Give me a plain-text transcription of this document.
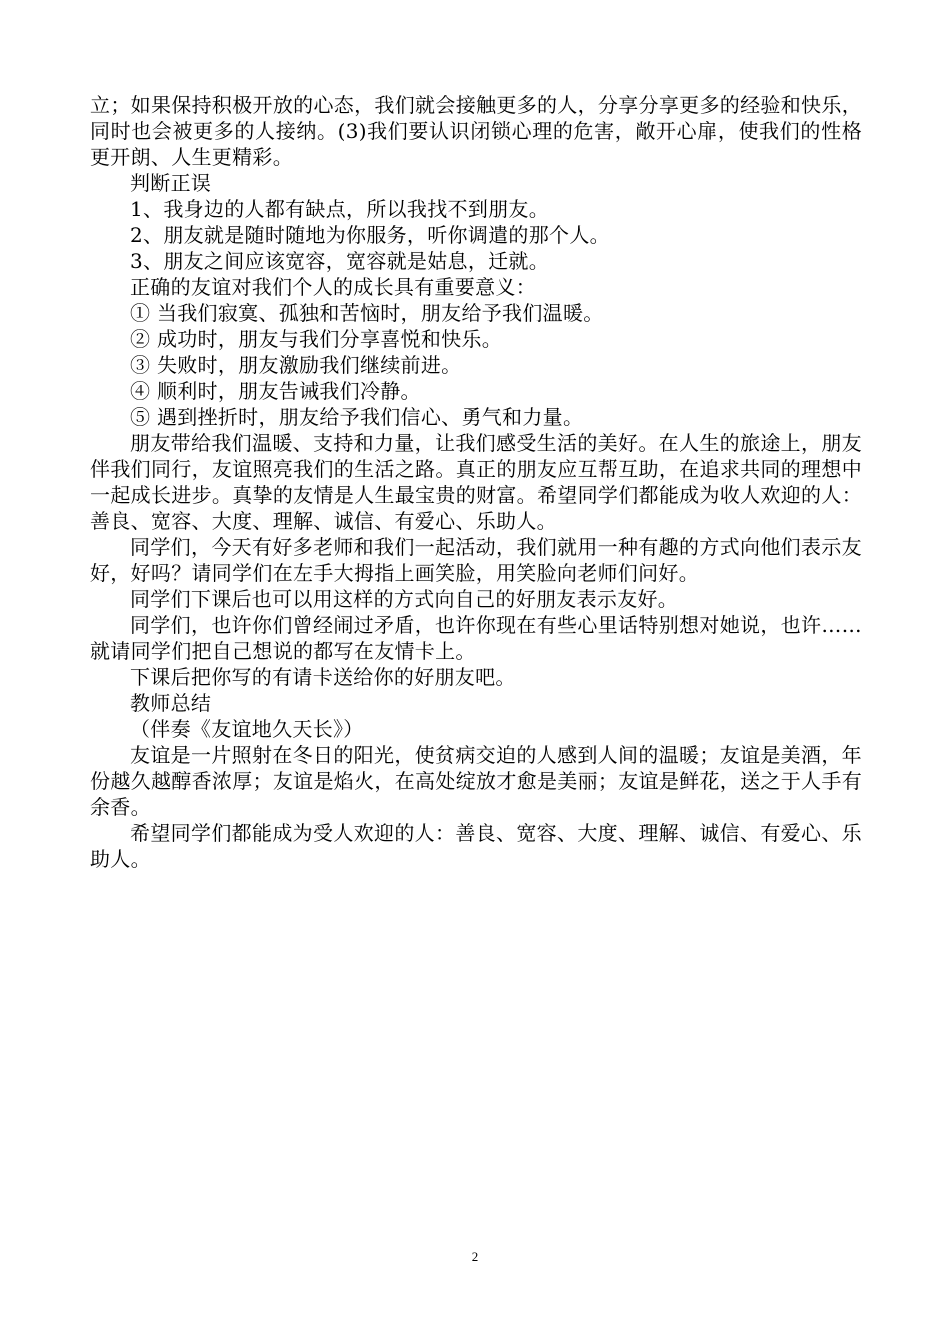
立；如果保持积极开放的心态，我们就会接触更多的人，分享分享更多的经验和快乐，同时也会被更多的人接纳。(3)我们要认识闭锁心理的危害，敞开心扉，使我们的性格更开朗、人生更精彩。

判断正误

1、我身边的人都有缺点，所以我找不到朋友。

2、朋友就是随时随地为你服务，听你调遣的那个人。

3、朋友之间应该宽容，宽容就是姑息，迁就。

正确的友谊对我们个人的成长具有重要意义：

① 当我们寂寞、孤独和苦恼时，朋友给予我们温暖。

② 成功时，朋友与我们分享喜悦和快乐。

③ 失败时，朋友激励我们继续前进。

④ 顺利时，朋友告诫我们冷静。

⑤ 遇到挫折时，朋友给予我们信心、勇气和力量。

朋友带给我们温暖、支持和力量，让我们感受生活的美好。在人生的旅途上，朋友伴我们同行，友谊照亮我们的生活之路。真正的朋友应互帮互助，在追求共同的理想中一起成长进步。真挚的友情是人生最宝贵的财富。希望同学们都能成为收人欢迎的人：善良、宽容、大度、理解、诚信、有爱心、乐助人。

同学们，今天有好多老师和我们一起活动，我们就用一种有趣的方式向他们表示友好，好吗？请同学们在左手大拇指上画笑脸，用笑脸向老师们问好。

同学们下课后也可以用这样的方式向自己的好朋友表示友好。

同学们，也许你们曾经闹过矛盾，也许你现在有些心里话特别想对她说，也许……就请同学们把自己想说的都写在友情卡上。

下课后把你写的有请卡送给你的好朋友吧。

教师总结

（伴奏《友谊地久天长》）

友谊是一片照射在冬日的阳光，使贫病交迫的人感到人间的温暖；友谊是美酒，年份越久越醇香浓厚；友谊是焰火，在高处绽放才愈是美丽；友谊是鲜花，送之于人手有余香。

希望同学们都能成为受人欢迎的人：善良、宽容、大度、理解、诚信、有爱心、乐助人。

2
